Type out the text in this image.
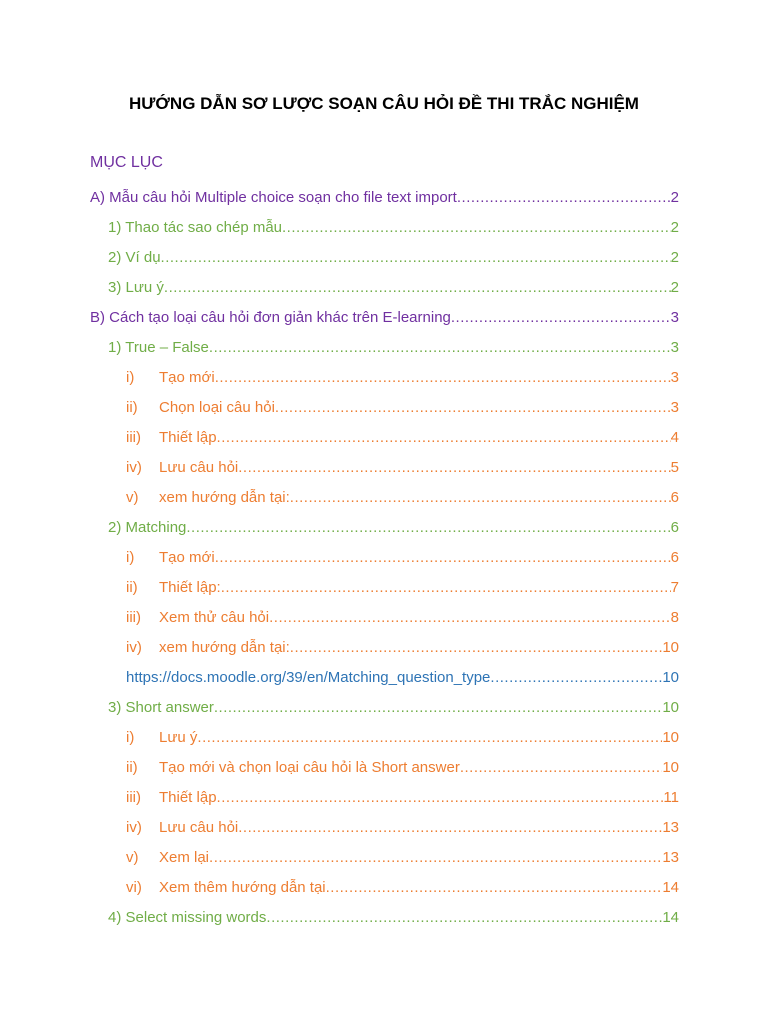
HƯỚNG DẪN SƠ LƯỢC SOẠN CÂU HỎI ĐỀ THI TRẮC NGHIỆM
MỤC LỤC
A) Mẫu câu hỏi Multiple choice soạn cho file text import .....	2
1) Thao tác sao chép mẫu .....	2
2) Ví dụ .....	2
3) Lưu ý .....	2
B) Cách tạo loại câu hỏi đơn giản khác trên E-learning .....	3
1) True – False .....	3
i) Tạo mới .....	3
ii) Chọn loại câu hỏi .....	3
iii) Thiết lập .....	4
iv) Lưu câu hỏi .....	5
v) xem hướng dẫn tại: .....	6
2) Matching .....	6
i) Tạo mới .....	6
ii) Thiết lập: .....	7
iii) Xem thử câu hỏi .....	8
iv) xem hướng dẫn tại: .....	10
https://docs.moodle.org/39/en/Matching_question_type .....	10
3) Short answer .....	10
i) Lưu ý .....	10
ii) Tạo mới và chọn loại câu hỏi là Short answer .....	10
iii) Thiết lập .....	11
iv) Lưu câu hỏi .....	13
v) Xem lại .....	13
vi) Xem thêm hướng dẫn tại .....	14
4) Select missing words .....	14
